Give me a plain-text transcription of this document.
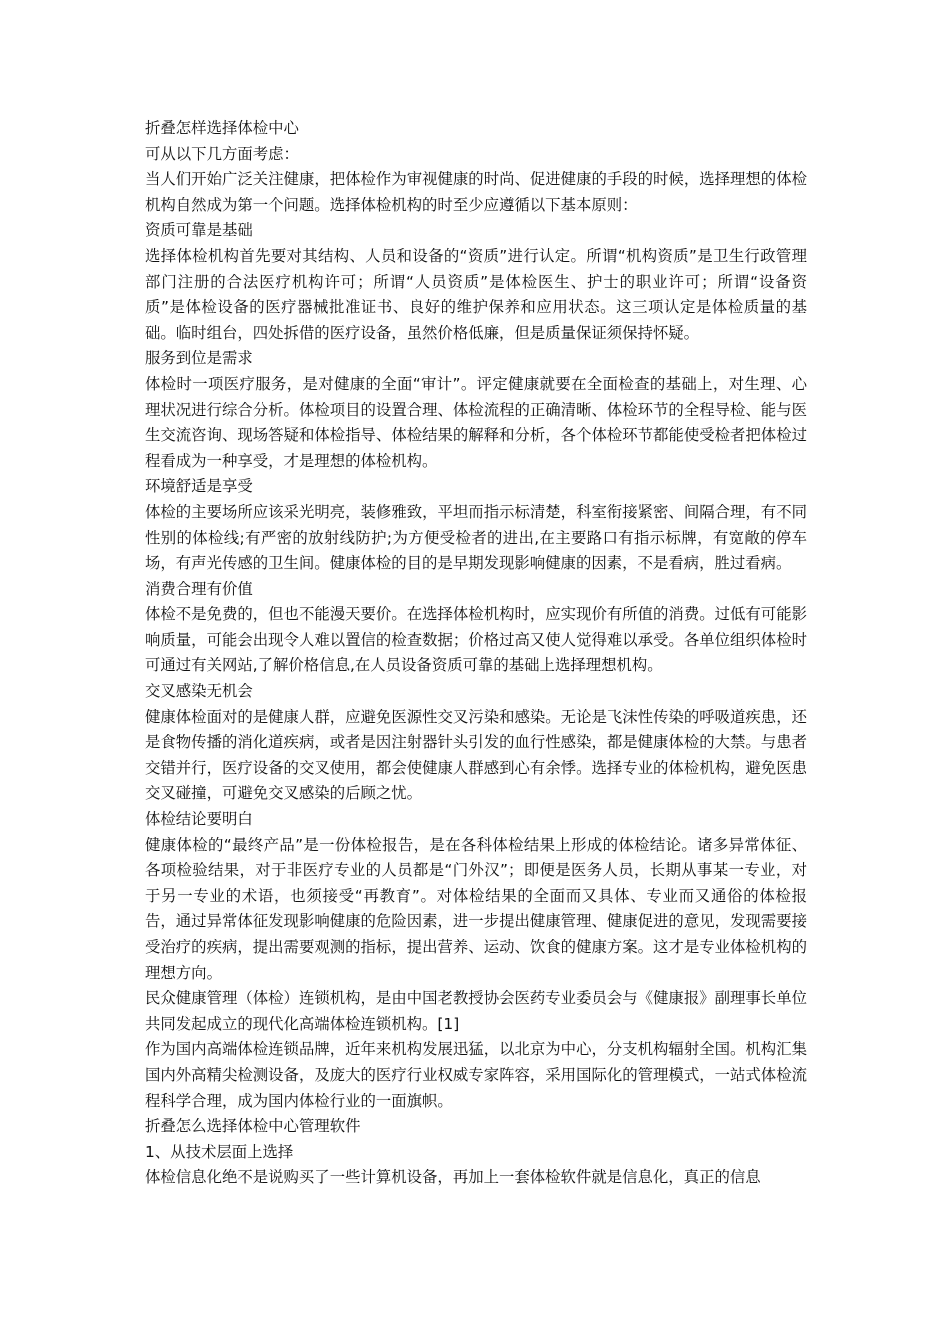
折叠怎样选择体检中心

可从以下几方面考虑：

当人们开始广泛关注健康，把体检作为审视健康的时尚、促进健康的手段的时候，选择理想的体检机构自然成为第一个问题。选择体检机构的时至少应遵循以下基本原则：

资质可靠是基础

选择体检机构首先要对其结构、人员和设备的“资质”进行认定。所谓“机构资质”是卫生行政管理部门注册的合法医疗机构许可；所谓“人员资质”是体检医生、护士的职业许可；所谓“设备资质”是体检设备的医疗器械批准证书、良好的维护保养和应用状态。这三项认定是体检质量的基础。临时组台，四处拆借的医疗设备，虽然价格低廉，但是质量保证须保持怀疑。

服务到位是需求

体检时一项医疗服务，是对健康的全面“审计”。评定健康就要在全面检查的基础上，对生理、心理状况进行综合分析。体检项目的设置合理、体检流程的正确清晰、体检环节的全程导检、能与医生交流咨询、现场答疑和体检指导、体检结果的解释和分析，各个体检环节都能使受检者把体检过程看成为一种享受，才是理想的体检机构。

环境舒适是享受

体检的主要场所应该采光明亮，装修雅致，平坦而指示标清楚，科室衔接紧密、间隔合理，有不同性别的体检线;有严密的放射线防护;为方便受检者的进出,在主要路口有指示标牌，有宽敞的停车场，有声光传感的卫生间。健康体检的目的是早期发现影响健康的因素，不是看病，胜过看病。

消费合理有价值

体检不是免费的，但也不能漫天要价。在选择体检机构时，应实现价有所值的消费。过低有可能影响质量，可能会出现令人难以置信的检查数据；价格过高又使人觉得难以承受。各单位组织体检时可通过有关网站,了解价格信息,在人员设备资质可靠的基础上选择理想机构。

交叉感染无机会

健康体检面对的是健康人群，应避免医源性交叉污染和感染。无论是飞沫性传染的呼吸道疾患，还是食物传播的消化道疾病，或者是因注射器针头引发的血行性感染，都是健康体检的大禁。与患者交错并行，医疗设备的交叉使用，都会使健康人群感到心有余悸。选择专业的体检机构，避免医患交叉碰撞，可避免交叉感染的后顾之忧。

体检结论要明白

健康体检的“最终产品”是一份体检报告，是在各科体检结果上形成的体检结论。诸多异常体征、各项检验结果，对于非医疗专业的人员都是“门外汉”；即便是医务人员，长期从事某一专业，对于另一专业的术语，也须接受“再教育”。对体检结果的全面而又具体、专业而又通俗的体检报告，通过异常体征发现影响健康的危险因素，进一步提出健康管理、健康促进的意见，发现需要接受治疗的疾病，提出需要观测的指标，提出营养、运动、饮食的健康方案。这才是专业体检机构的理想方向。

民众健康管理（体检）连锁机构，是由中国老教授协会医药专业委员会与《健康报》副理事长单位共同发起成立的现代化高端体检连锁机构。[1]

作为国内高端体检连锁品牌，近年来机构发展迅猛，以北京为中心，分支机构辐射全国。机构汇集国内外高精尖检测设备，及庞大的医疗行业权威专家阵容，采用国际化的管理模式，一站式体检流程科学合理，成为国内体检行业的一面旗帜。

折叠怎么选择体检中心管理软件

1、从技术层面上选择

体检信息化绝不是说购买了一些计算机设备，再加上一套体检软件就是信息化，真正的信息
